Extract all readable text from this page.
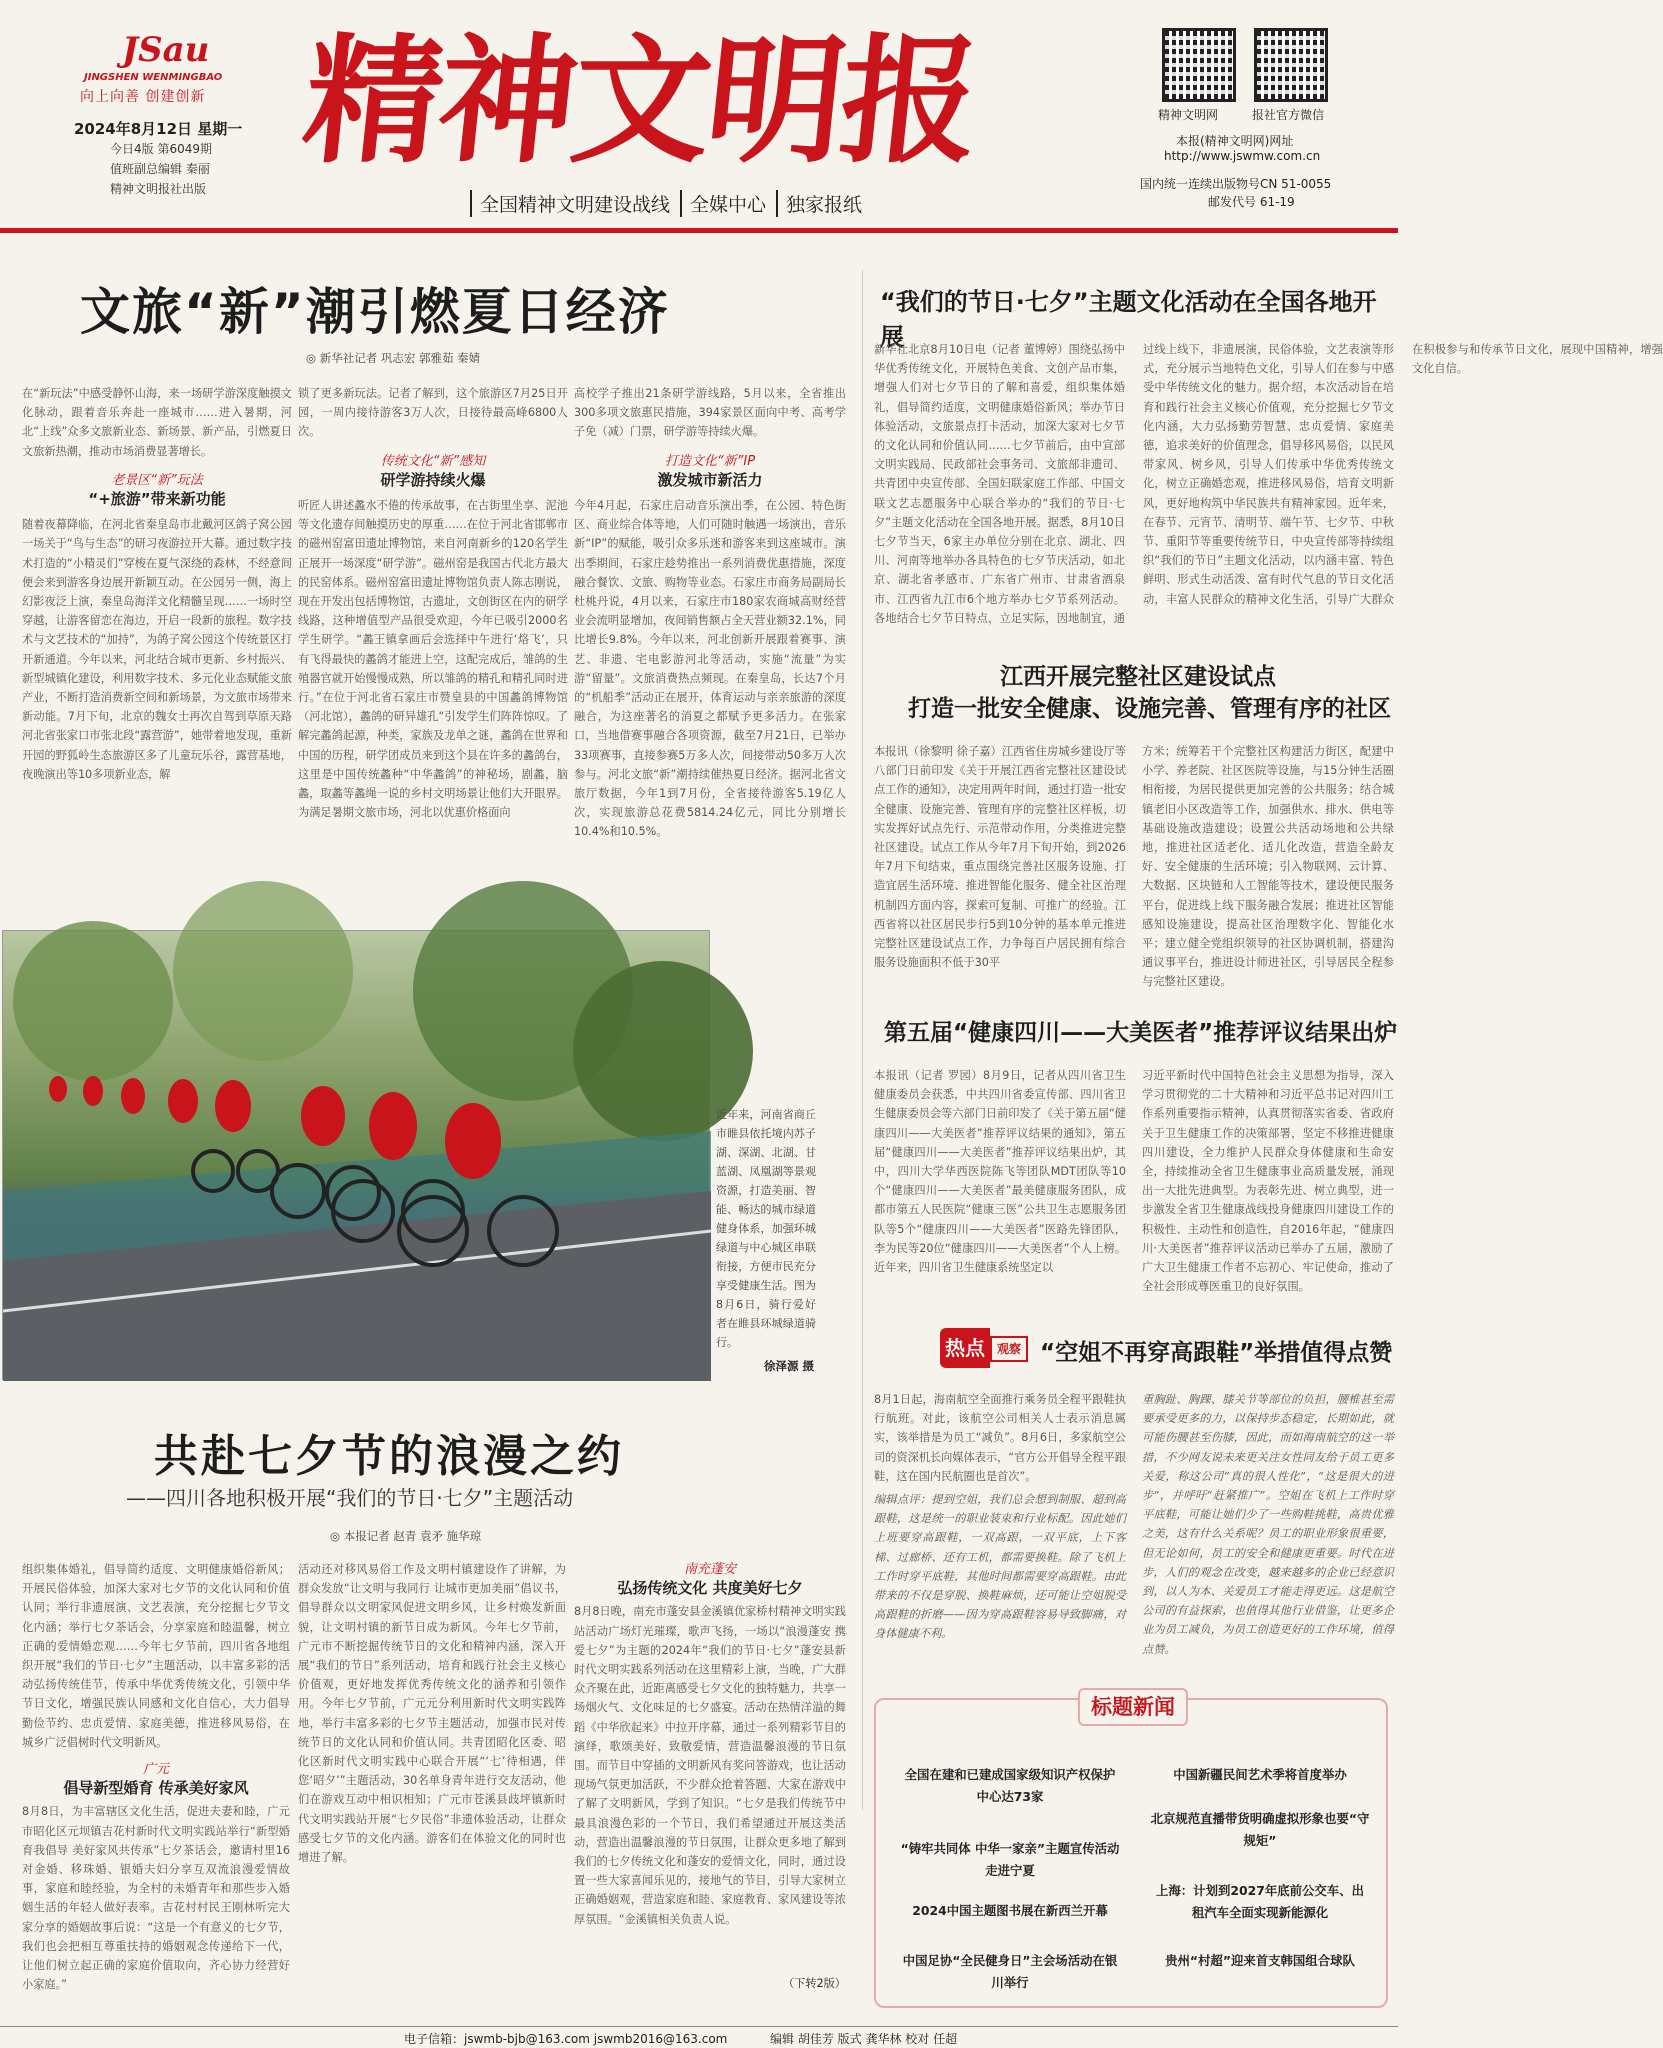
JSau
JINGSHEN WENMINGBAO
向上向善 创建创新 精神文明报
2024年8月12日 星期一
今日4版 第6049期
值班副总编辑 秦丽
精神文明报社出版
全国精神文明建设战线	全媒中心	独家报纸
精神文明网	报社官方微信
本报(精神文明网)网址
http://www.jswmw.com.cn
国内统一连续出版物号CN 51-0055
邮发代号 61-19
文旅“新”潮引燃夏日经济
◎ 新华社记者 巩志宏 郭雅茹 秦婧
在“新玩法”中感受静怀山海，来一场研学游深度触摸文化脉动，跟着音乐奔赴一座城市……进入暑期，河北“上线”众多文旅新业态、新场景、新产品，引燃夏日文旅新热潮，推动市场消费显著增长。
老景区“新”玩法
“+旅游”带来新功能
随着夜幕降临，在河北省秦皇岛市北戴河区鸽子窝公园一场关于“鸟与生态”的研习夜游拉开大幕。通过数字技术打造的“小精灵们”穿梭在夏气深绕的森林，不经意间便会来到游客身边展开新颖互动。在公园另一侧，海上幻影夜泛上演，秦皇岛海洋文化精髓呈现……一场时空穿越，让游客留恋在海边，开启一段新的旅程。数字技术与文艺技术的“加持”，为鸽子窝公园这个传统景区打开新通道。今年以来，河北结合城市更新、乡村振兴、新型城镇化建设，利用数字技术、多元化业态赋能文旅产业，不断打造消费新空间和新场景，为文旅市场带来新动能。7月下旬，北京的魏女士再次自驾到草原天路河北省张家口市张北段“露营游”，她带着地发现，重新开园的野狐岭生态旅游区多了儿童玩乐谷，露营基地，夜晚演出等10多项新业态，解
锁了更多新玩法。记者了解到，这个旅游区7月25日开园，一周内接待游客3万人次，日接待最高峰6800人次。
传统文化“新”感知
研学游持续火爆
听匠人讲述蠡水不倦的传承故事，在古街里坐享、泥池等文化遗存间触摸历史的厚重……在位于河北省邯郸市的磁州窑富田遗址博物馆，来自河南新乡的120名学生正展开一场深度“研学游”。磁州窑是我国古代北方最大的民窑体系。磁州窑富田遗址博物馆负责人陈志刚说，现在开发出包括博物馆，古遗址，文创街区在内的研学线路，这种增值型产品很受欢迎，今年已吸引2000名学生研学。“蠡王镇拿画后会选择中午进行‘烙飞’，只有飞得最快的蠡鸽才能进上空，这配完成后，雏鸽的生殖器官就开始慢慢成熟，所以雏鸽的精孔和精孔同时进行。”在位于河北省石家庄市赞皇县的中国蠡鸽博物馆（河北馆），蠡鸽的研异雄孔“引发学生们阵阵惊叹。了解完蠡鸽起源，种类，家族及龙单之谜，蠡鸽在世界和中国的历程，研学团成员来到这个县在许多的蠡鸽台，这里是中国传统蠡种“中华蠡鸽”的神秘场，剧蠡，脑蠡，取蠡等蠡绳一说的乡村文明场景让他们大开眼界。为满足暑期文旅市场，河北以优惠价格面向
高校学子推出21条研学游线路，5月以来，全省推出300多项文旅惠民措施，394家景区面向中考、高考学子免（减）门票，研学游等持续火爆。
打造文化“新”IP
激发城市新活力
今年4月起，石家庄启动音乐演出季，在公园、特色街区、商业综合体等地，人们可随时触遇一场演出，音乐新“IP”的赋能，吸引众多乐迷和游客来到这座城市。演出季期间，石家庄趁势推出一系列消费优惠措施，深度融合餐饮、文旅、购物等业态。石家庄市商务局副局长杜桃丹说，4月以来，石家庄市180家农商城高财经营业会流明显增加，夜间销售额占全天营业额32.1%，同比增长9.8%。今年以来，河北创新开展跟着赛事、演艺、非遗、宅电影游河北等活动，实施“流量”为实游“留量”。文旅消费热点频现。在秦皇岛，长达7个月的“机船季”活动正在展开，体育运动与亲亲旅游的深度融合，为这座著名的消夏之都赋予更多活力。在张家口，当地借赛事融合各项资源，截至7月21日，已举办33项赛事，直接参赛5万多人次，间接带动50多万人次参与。河北文旅“新”潮持续催热夏日经济。据河北省文旅厅数据，今年1到7月份，全省接待游客5.19亿人次，实现旅游总花费5814.24亿元，同比分别增长10.4%和10.5%。
近年来，河南省商丘市睢县依托境内苏子湖、深湖、北湖、甘蓝湖、凤凰湖等景观资源，打造美丽、智能、畅达的城市绿道健身体系，加强环城绿道与中心城区串联衔接，方便市民充分享受健康生活。图为8月6日，骑行爱好者在睢县环城绿道骑行。
徐泽源 摄
共赴七夕节的浪漫之约
——四川各地积极开展“我们的节日·七夕”主题活动
◎ 本报记者 赵青 袁矛 施华琼
组织集体婚礼，倡导简约适度、文明健康婚俗新风；开展民俗体验，加深大家对七夕节的文化认同和价值认同；举行非遗展演、文艺表演，充分挖掘七夕节文化内涵；举行七夕茶话会，分享家庭和睦温馨，树立正确的爱情婚恋观……今年七夕节前，四川省各地组织开展“我们的节日·七夕”主题活动，以丰富多彩的活动弘扬传统佳节，传承中华优秀传统文化，引领中华节日文化，增强民族认同感和文化自信心，大力倡导勤俭节约、忠贞爱情、家庭美德，推进移风易俗，在城乡广泛倡树时代文明新风。
广元
倡导新型婚育 传承美好家风
8月8日，为丰富辖区文化生活，促进夫妻和睦，广元市昭化区元坝镇吉花村新时代文明实践站举行“新型婚育我倡导 美好家风共传承”七夕茶话会，邀请村里16对金婚、移珠婚、银婚夫妇分享互双流浪漫爱情故事，家庭和睦经验，为全村的未婚青年和那些步入婚姻生活的年轻人做好表率。吉花村村民王刚林听完大家分享的婚姻故事后说：“这是一个有意义的七夕节，我们也会把相互尊重扶持的婚姻观念传递给下一代，让他们树立起正确的家庭价值取向，齐心协力经营好小家庭。”
活动还对移风易俗工作及文明村镇建设作了讲解，为群众发放“让文明与我同行 让城市更加美丽”倡议书，倡导群众以文明家风促进文明乡风，让乡村焕发新面貌，让文明村镇的新节日成为新风。今年七夕节前，广元市不断挖掘传统节日的文化和精神内涵，深入开展“我们的节日”系列活动，培育和践行社会主义核心价值观，更好地发挥优秀传统文化的涵养和引领作用。今年七夕节前，广元元分利用新时代文明实践阵地，举行丰富多彩的七夕节主题活动，加强市民对传统节日的文化认同和价值认同。共青团昭化区委、昭化区新时代文明实践中心联合开展“‘七’待相遇，伴您‘昭夕’”主题活动，30名单身青年进行交友活动，他们在游戏互动中相识相知；广元市苍溪县歧坪镇新时代文明实践站开展“七夕民俗”非遗体验活动，让群众感受七夕节的文化内涵。游客们在体验文化的同时也增进了解。
南充蓬安
弘扬传统文化 共度美好七夕
8月8日晚，南充市蓬安县金溪镇优家桥村精神文明实践站活动广场灯光璀璨，歌声飞扬，一场以“浪漫蓬安 携爱七夕”为主题的2024年“我们的节日·七夕”蓬安县新时代文明实践系列活动在这里精彩上演，当晚，广大群众齐聚在此，近距离感受七夕文化的独特魅力，共享一场烟火气、文化味足的七夕盛宴。活动在热情洋溢的舞蹈《中华欣起来》中拉开序幕，通过一系列精彩节目的演绎，歌颂美好、致敬爱情，营造温馨浪漫的节日氛围。而节目中穿插的文明新风有奖问答游戏，也让活动现场气氛更加活跃，不少群众抢着答题、大家在游戏中了解了文明新风，学到了知识。“七夕是我们传统节中最具浪漫色彩的一个节日，我们希望通过开展这类活动，营造出温馨浪漫的节日氛围，让群众更多地了解到我们的七夕传统文化和蓬安的爱情文化，同时，通过设置一些大家喜闻乐见的，接地气的节目，引导大家树立正确婚姻观，营造家庭和睦、家庭教育、家风建设等浓厚氛围。“金溪镇相关负责人说。
（下转2版）
“我们的节日·七夕”主题文化活动在全国各地开展
新华社北京8月10日电（记者 董博婷）围绕弘扬中华优秀传统文化，开展特色美食、文创产品市集，增强人们对七夕节日的了解和喜爱，组织集体婚礼，倡导简约适度，文明健康婚俗新风；举办节日体验活动，文旅景点打卡活动，加深大家对七夕节的文化认同和价值认同……七夕节前后，由中宣部文明实践局、民政部社会事务司、文旅部非遗司、共青团中央宣传部、全国妇联家庭工作部、中国文联文艺志愿服务中心联合举办的“我们的节日·七夕”主题文化活动在全国各地开展。据悉，8月10日七夕节当天，6家主办单位分别在北京、湖北、四川、河南等地举办各具特色的七夕节庆活动，如北京、湖北省孝感市、广东省广州市、甘肃省酒泉市、江西省九江市6个地方举办七夕节系列活动。各地结合七夕节日特点，立足实际，因地制宜，通过线上线下，非遗展演，民俗体验，文艺表演等形式，充分展示当地特色文化，引导人们在参与中感受中华传统文化的魅力。据介绍，本次活动旨在培育和践行社会主义核心价值观，充分挖掘七夕节文化内涵，大力弘扬勤劳智慧、忠贞爱情、家庭美德，追求美好的价值理念，倡导移风易俗，以民风带家风、树乡风，引导人们传承中华优秀传统文化，树立正确婚恋观，推进移风易俗，培育文明新风，更好地构筑中华民族共有精神家园。近年来，在春节、元宵节、清明节、端午节、七夕节、中秋节、重阳节等重要传统节日，中央宣传部等持续组织“我们的节日”主题文化活动，以内涵丰富、特色鲜明、形式生动活泼、富有时代气息的节日文化活动，丰富人民群众的精神文化生活，引导广大群众在积极参与和传承节日文化，展现中国精神，增强文化自信。
江西开展完整社区建设试点
打造一批安全健康、设施完善、管理有序的社区
本报讯（徐黎明 徐子嘉）江西省住房城乡建设厅等八部门日前印发《关于开展江西省完整社区建设试点工作的通知》，决定用两年时间，通过打造一批安全健康、设施完善、管理有序的完整社区样板，切实发挥好试点先行、示范带动作用，分类推进完整社区建设。试点工作从今年7月下旬开始，到2026年7月下旬结束，重点围绕完善社区服务设施、打造宜居生活环境、推进智能化服务、健全社区治理机制四方面内容，探索可复制、可推广的经验。江西省将以社区居民步行5到10分钟的基本单元推进完整社区建设试点工作，力争每百户居民拥有综合服务设施面积不低于30平
方米；统筹若干个完整社区构建活力街区，配建中小学、养老院、社区医院等设施，与15分钟生活圈相衔接，为居民提供更加完善的公共服务；结合城镇老旧小区改造等工作，加强供水、排水、供电等基础设施改造建设；设置公共活动场地和公共绿地，推进社区适老化、适儿化改造，营造全龄友好、安全健康的生活环境；引入物联网、云计算、大数据、区块链和人工智能等技术，建设便民服务平台，促进线上线下服务融合发展；推进社区智能感知设施建设，提高社区治理数字化、智能化水平；建立健全党组织领导的社区协调机制，搭建沟通议事平台，推进设计师进社区，引导居民全程参与完整社区建设。
第五届“健康四川——大美医者”推荐评议结果出炉
本报讯（记者 罗园）8月9日，记者从四川省卫生健康委员会获悉，中共四川省委宣传部、四川省卫生健康委员会等六部门日前印发了《关于第五届“健康四川——大美医者”推荐评议结果的通知》，第五届“健康四川——大美医者”推荐评议结果出炉，其中，四川大学华西医院陈飞等团队MDT团队等10个“健康四川——大美医者”最美健康服务团队，成都市第五人民医院“健康三医”公共卫生志愿服务团队等5个“健康四川——大美医者”医路先锋团队，李为民等20位“健康四川——大美医者”个人上榜。近年来，四川省卫生健康系统坚定以
习近平新时代中国特色社会主义思想为指导，深入学习贯彻党的二十大精神和习近平总书记对四川工作系列重要指示精神，认真贯彻落实省委、省政府关于卫生健康工作的决策部署，坚定不移推进健康四川建设，全力维护人民群众身体健康和生命安全，持续推动全省卫生健康事业高质量发展，涌现出一大批先进典型。为表彰先进、树立典型，进一步激发全省卫生健康战线投身健康四川建设工作的积极性、主动性和创造性，自2016年起，“健康四川·大美医者”推荐评议活动已举办了五届，激励了广大卫生健康工作者不忘初心、牢记使命，推动了全社会形成尊医重卫的良好氛围。
热点 观察 “空姐不再穿高跟鞋”举措值得点赞
8月1日起，海南航空全面推行乘务员全程平跟鞋执行航班。对此，该航空公司相关人士表示消息属实，该举措是为员工“减负”。8月6日，多家航空公司的资深机长向媒体表示，“官方公开倡导全程平跟鞋，这在国内民航圈也是首次”。
编辑点评：提到空姐，我们总会想到制服、超到高跟鞋，这是统一的职业装束和行业标配。因此她们上班要穿高跟鞋，一双高跟，一双平底，上下客梯、过廊桥、还有工机，都需要换鞋。除了飞机上工作时穿平底鞋，其他时间都需要穿高跟鞋。由此带来的不仅是穿脱、换鞋麻烦，还可能让空姐脱受高跟鞋的折磨——因为穿高跟鞋容易导致脚痛，对身体健康不利。
重胸趾、胸踝、膝关节等部位的负担，腰椎甚至需要承受更多的力，以保持步态稳定，长期如此，就可能伤腰甚至伤膝，因此，而如海南航空的这一举措，不少网友说未来更关注女性同友给于员工更多关爱，称这公司“真的很人性化”，“这是很大的进步”，并呼吁“赶紧推广”。空姐在飞机上工作时穿平底鞋，可能让她们少了一些购鞋挑鞋，高贵优雅之美，这有什么关系呢？员工的职业形象很重要，但无论如何，员工的安全和健康更重要。时代在进步，人们的观念在改变，越来越多的企业已经意识到，以人为本、关爱员工才能走得更远。这是航空公司的有益探索，也值得其他行业借鉴，让更多企业为员工减负，为员工创造更好的工作环境，值得点赞。
标题新闻
全国在建和已建成国家级知识产权保护中心达73家
中国新疆民间艺术季将首度举办
北京规范直播带货明确虚拟形象也要“守规矩”
“铸牢共同体 中华一家亲”主题宣传活动走进宁夏
2024中国主题图书展在新西兰开幕
上海：计划到2027年底前公交车、出租汽车全面实现新能源化
中国足协“全民健身日”主会场活动在银川举行
贵州“村超”迎来首支韩国组合球队
电子信箱：jswmb-bjb@163.com jswmb2016@163.com	编辑 胡佳芳 版式 龚华林 校对 任超
